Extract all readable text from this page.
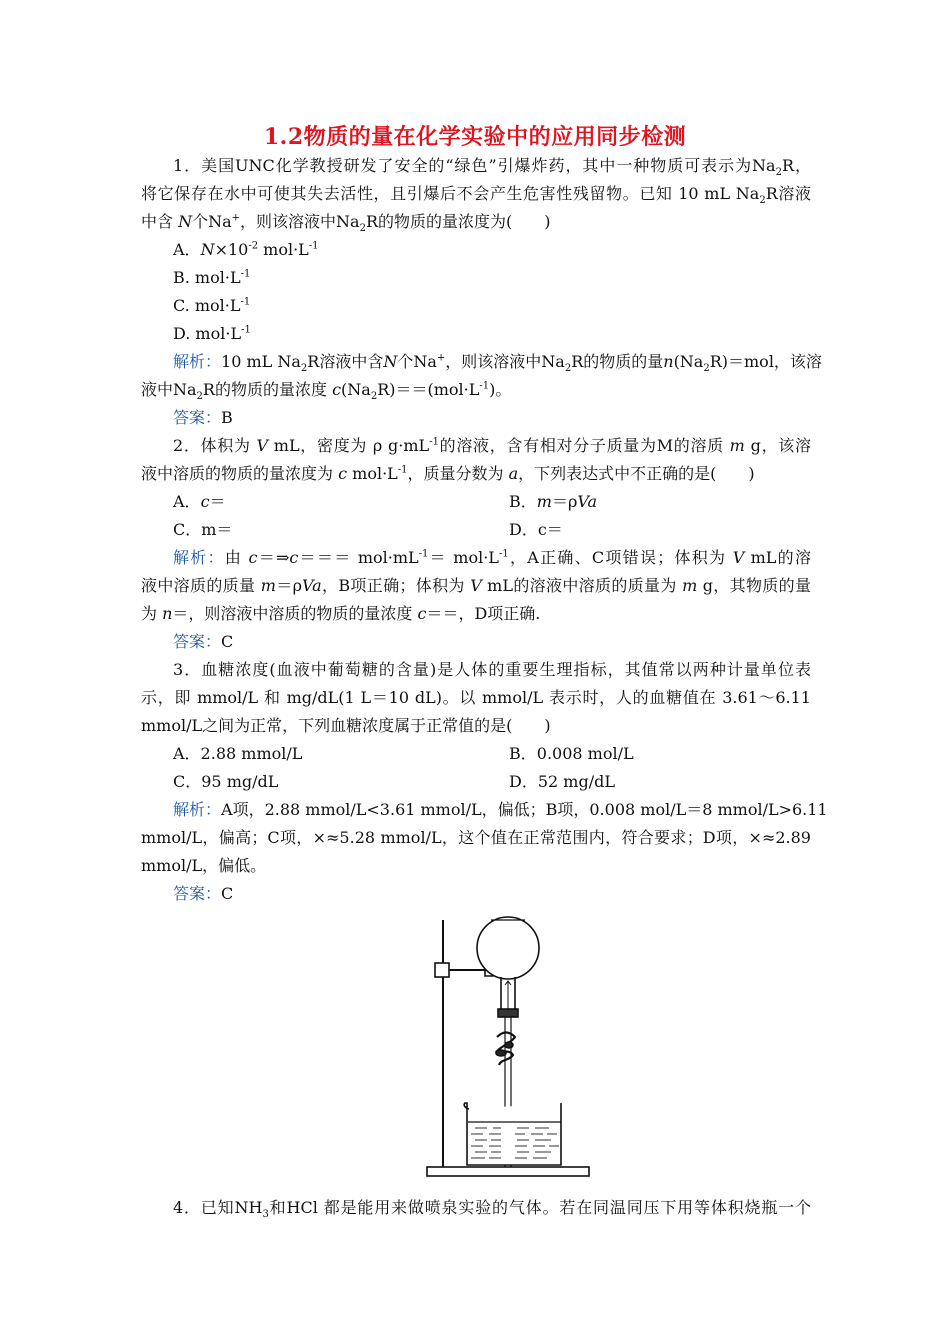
1.2物质的量在化学实验中的应用同步检测
1．美国UNC化学教授研发了安全的“绿色”引爆炸药，其中一种物质可表示为$Na_2R$，
将它保存在水中可使其失去活性，且引爆后不会产生危害性残留物。已知 10 mL $Na_2R$溶液
中含 N个Na+，则该溶液中$Na_2R$的物质的量浓度为(　　)
A．$N\times 10^{-2}$ $mol\cdot L^{-1}$
B. $mol\cdot L^{-1}$
C. $mol\cdot L^{-1}$
D. $mol\cdot L^{-1}$
解析：10 mL $Na_2R$溶液中含N个Na+，则该溶液中$Na_2R$的物质的量$n(Na_2R)=mol$，该溶
液中$Na_2R$的物质的量浓度 $c(Na_2R)==(mol\cdot L^{-1})$。
答案：B
2．体积为 V mL，密度为 ρ $g\cdot mL^{-1}$的溶液，含有相对分子质量为M的溶质 m g，该溶
液中溶质的物质的量浓度为 c $mol\cdot L^{-1}$，质量分数为 a，下列表达式中不正确的是(　　)
A．c＝	B．m＝ρVa
C．m＝	D．c＝
解析：由 c＝⇒c＝＝＝ $mol\cdot mL^{-1}= mol\cdot L^{-1}$，A正确、C项错误；体积为 V mL的溶
液中溶质的质量 m＝ρVa，B项正确；体积为 V mL的溶液中溶质的质量为 m g，其物质的量
为 n＝，则溶液中溶质的物质的量浓度 c＝＝，D项正确.
答案：C
3．血糖浓度(血液中葡萄糖的含量)是人体的重要生理指标，其值常以两种计量单位表
示，即 mmol/L 和 mg/dL(1 L＝10 dL)。以 mmol/L 表示时，人的血糖值在 3.61～6.11
mmol/L之间为正常，下列血糖浓度属于正常值的是(　　)
A．2.88 mmol/L	B．0.008 mol/L
C．95 mg/dL	D．52 mg/dL
解析：A项，2.88 mmol/L<3.61 mmol/L，偏低；B项，0.008 mol/L＝8 mmol/L>6.11
mmol/L，偏高；C项，×≈5.28 mmol/L，这个值在正常范围内，符合要求；D项，×≈2.89
mmol/L，偏低。
答案：C
4．已知$NH_3$和HCl 都是能用来做喷泉实验的气体。若在同温同压下用等体积烧瓶一个
